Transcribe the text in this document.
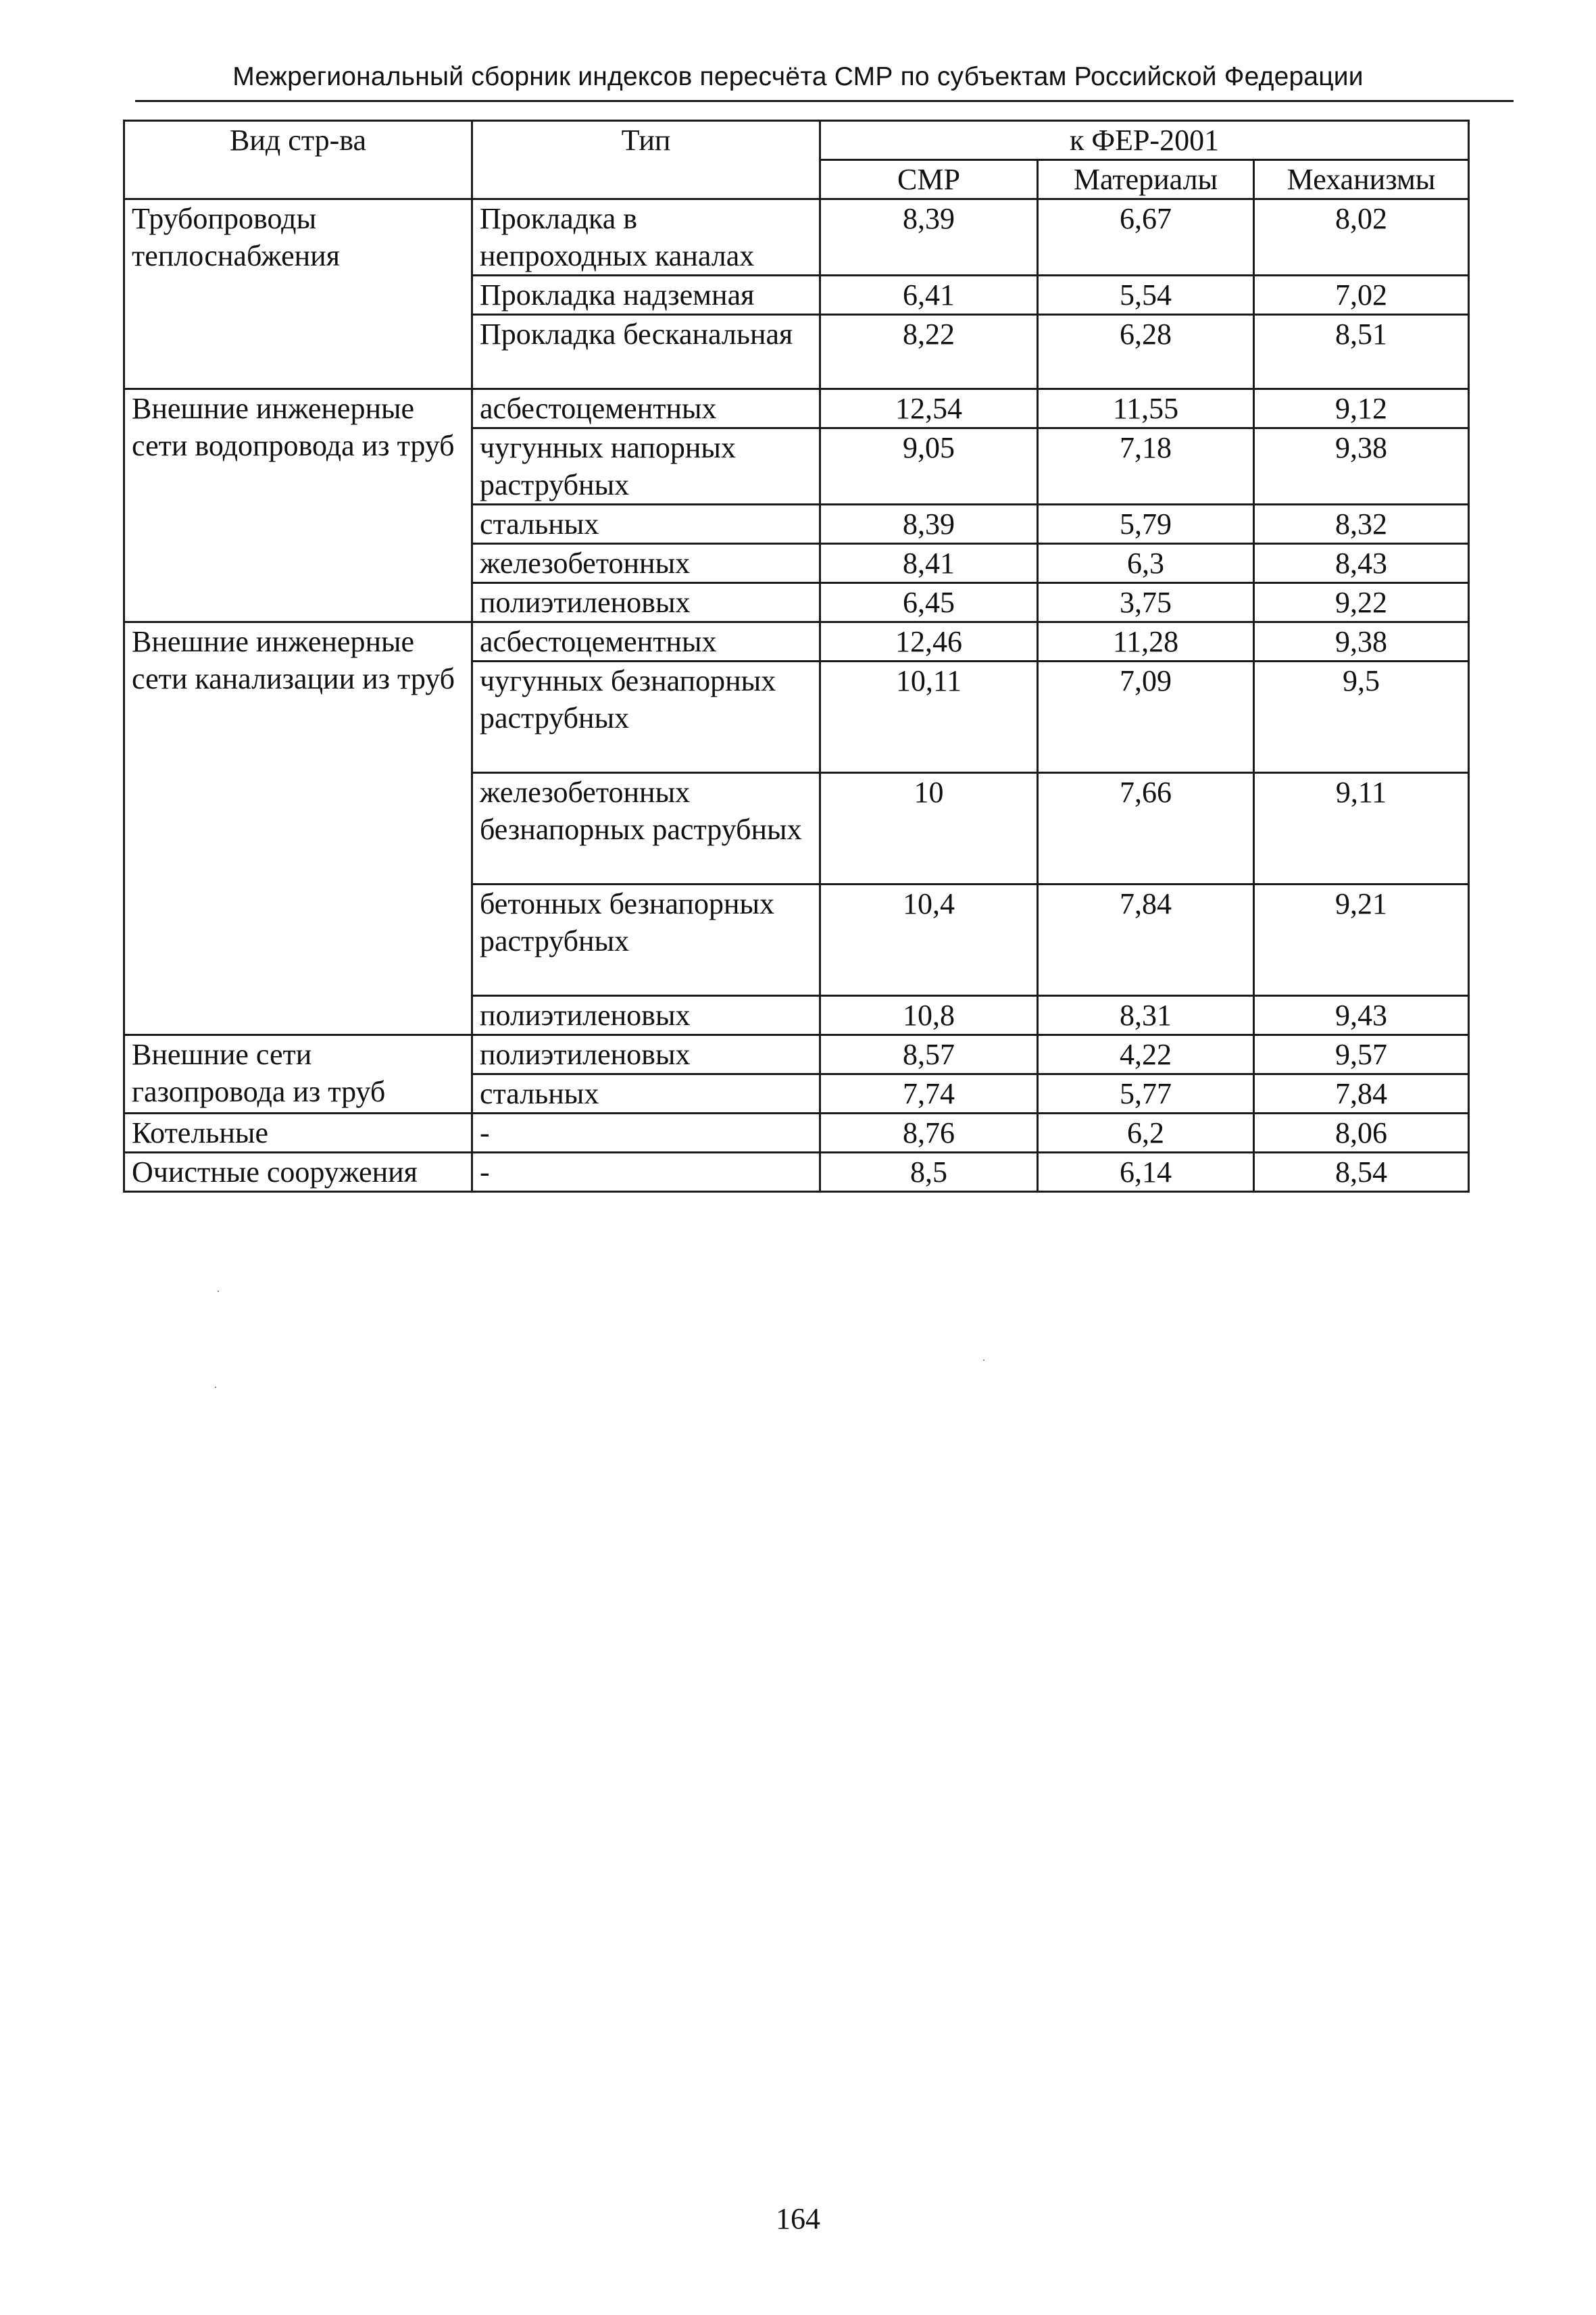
Межрегиональный сборник индексов пересчёта СМР по субъектам Российской Федерации
Вид стр-ва	Тип	к ФЕР-2001		
		СМР	Материалы	Механизмы
Трубопроводы теплоснабжения	Прокладка в непроходных каналах	8,39	6,67	8,02
	Прокладка надземная	6,41	5,54	7,02
	Прокладка бесканальная	8,22	6,28	8,51
Внешние инженерные сети водопровода из труб	асбестоцементных	12,54	11,55	9,12
	чугунных напорных раструбных	9,05	7,18	9,38
	стальных	8,39	5,79	8,32
	железобетонных	8,41	6,3	8,43
	полиэтиленовых	6,45	3,75	9,22
Внешние инженерные сети канализации из труб	асбестоцементных	12,46	11,28	9,38
	чугунных безнапорных раструбных	10,11	7,09	9,5
	железобетонных безнапорных раструбных	10	7,66	9,11
	бетонных безнапорных раструбных	10,4	7,84	9,21
	полиэтиленовых	10,8	8,31	9,43
Внешние сети газопровода из труб	полиэтиленовых	8,57	4,22	9,57
	стальных	7,74	5,77	7,84
Котельные	-	8,76	6,2	8,06
Очистные сооружения	-	8,5	6,14	8,54
164
